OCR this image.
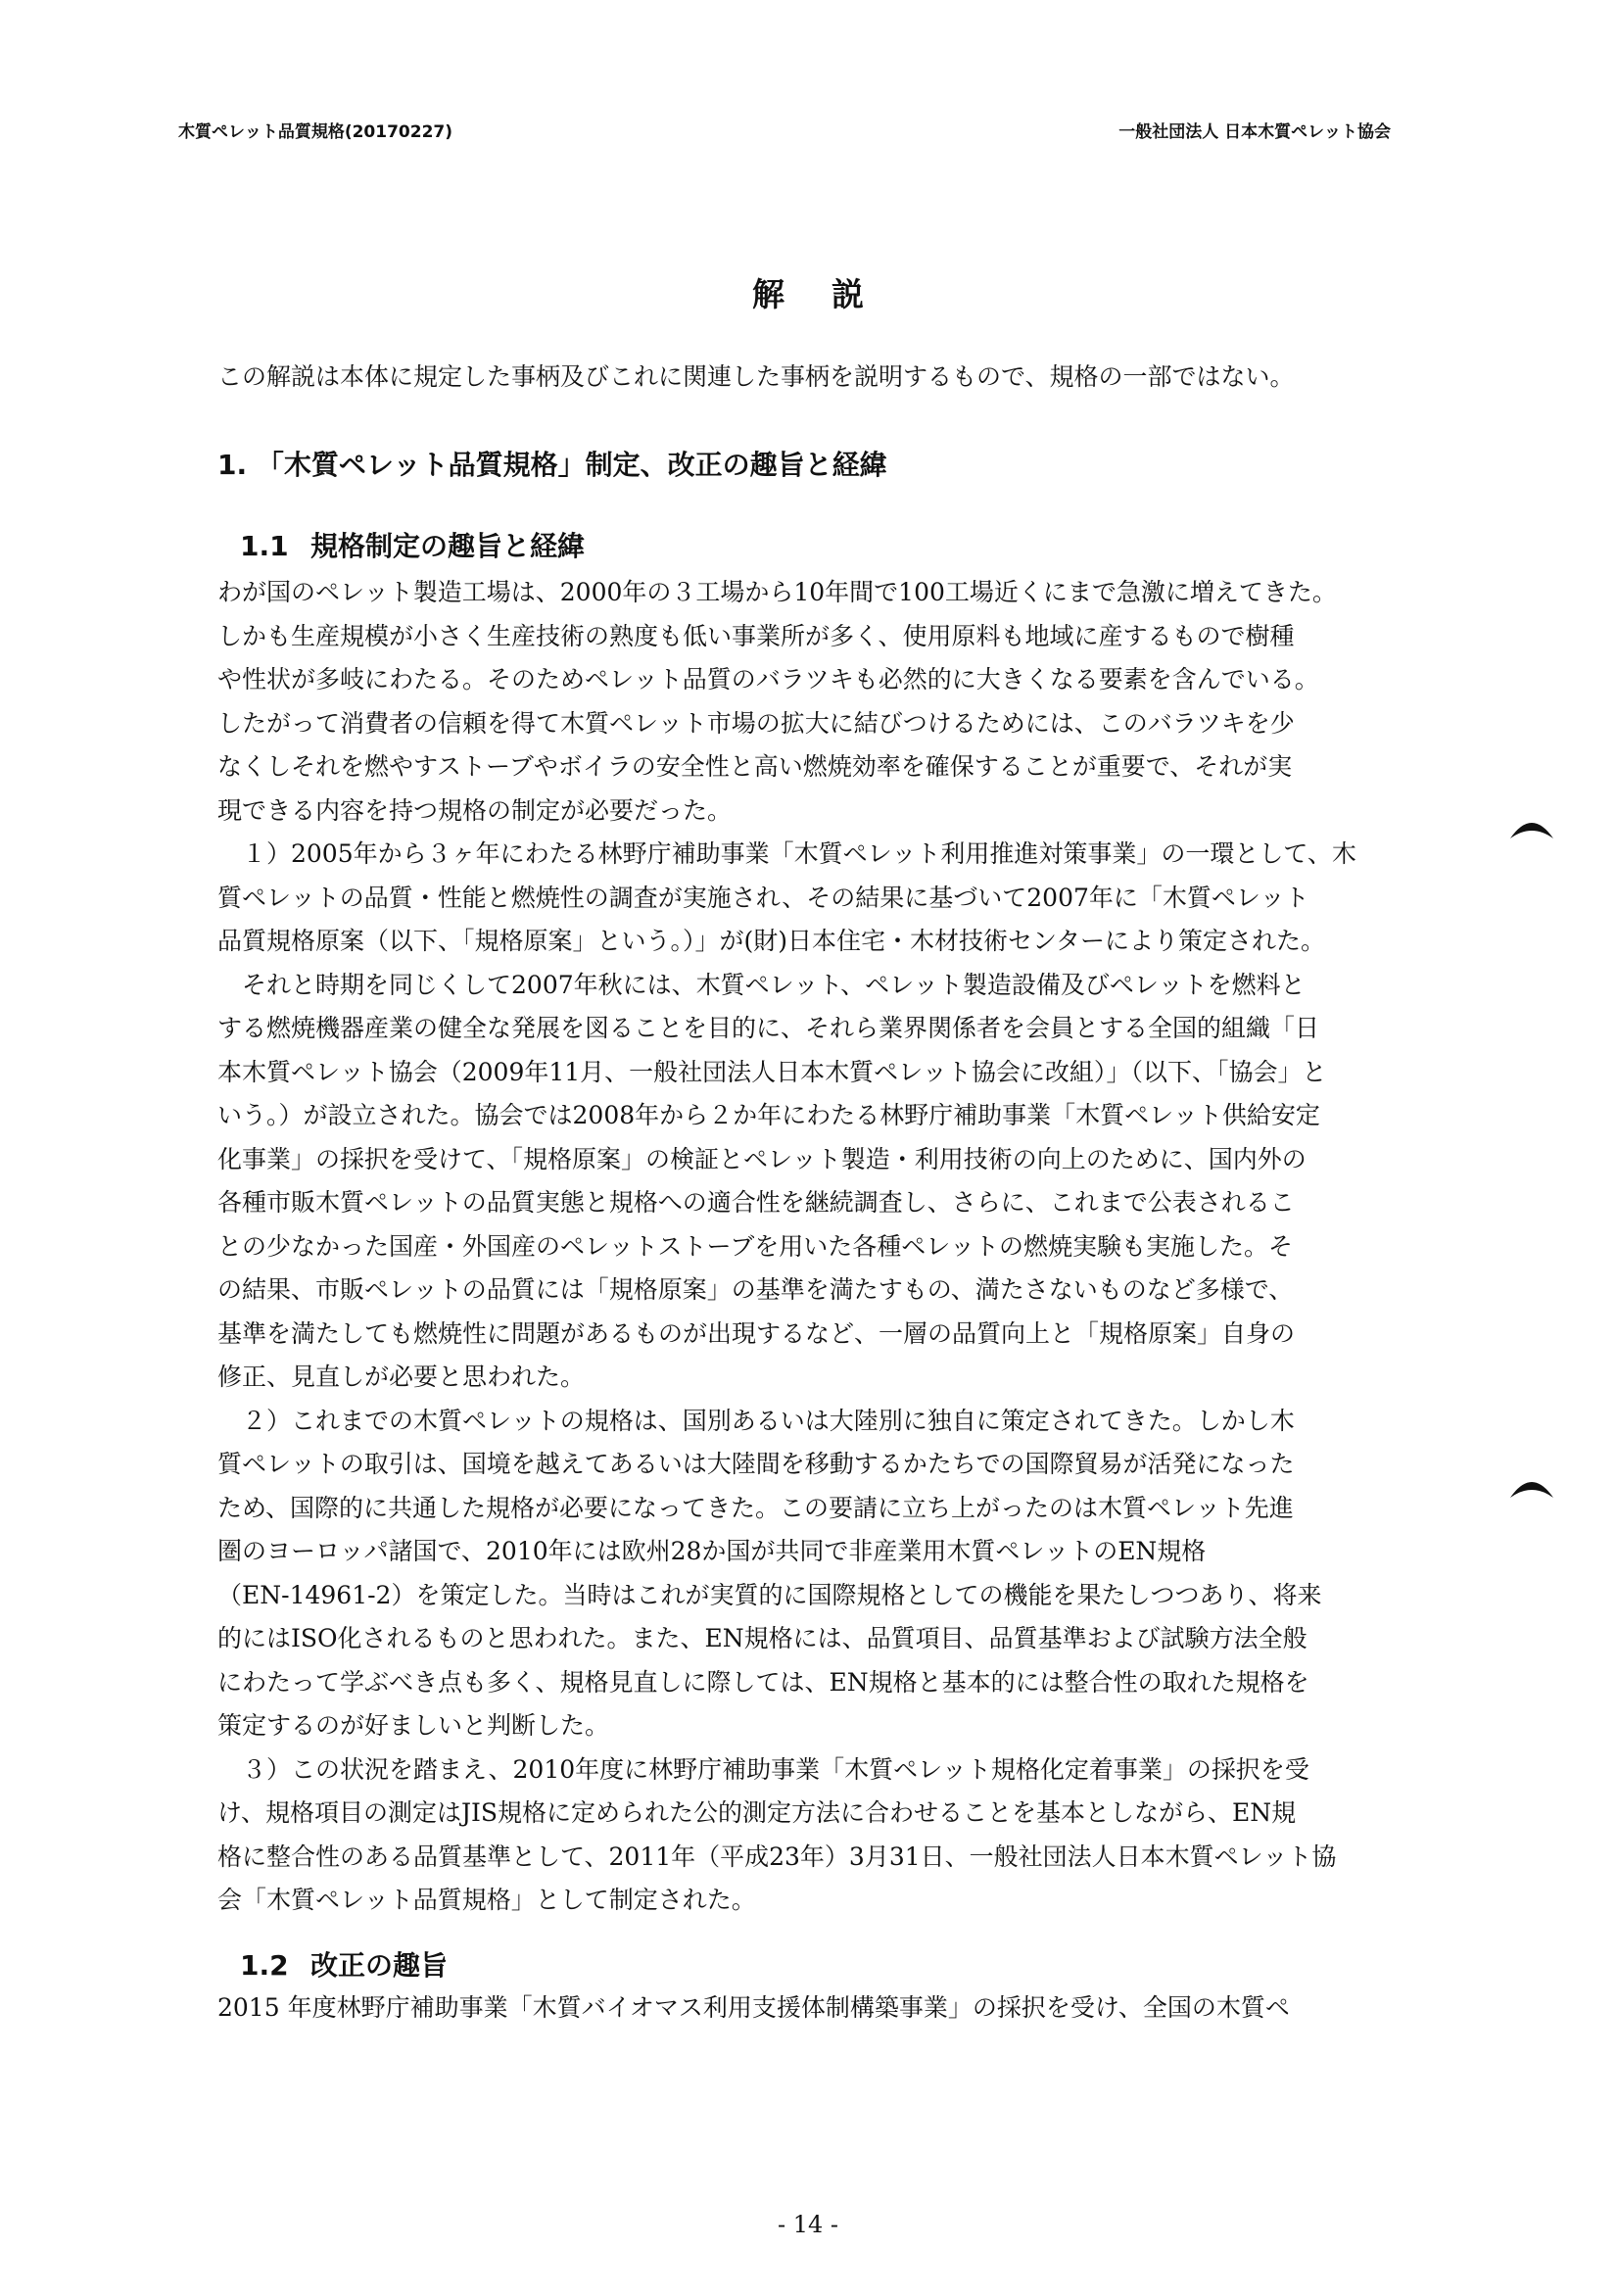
木質ペレット品質規格(20170227)	一般社団法人 日本木質ペレット協会
解説
この解説は本体に規定した事柄及びこれに関連した事柄を説明するもので、規格の一部ではない。
1. 「木質ペレット品質規格」制定、改正の趣旨と経緯
1.1 規格制定の趣旨と経緯
わが国のペレット製造工場は、2000年の３工場から10年間で100工場近くにまで急激に増えてきた。
しかも生産規模が小さく生産技術の熟度も低い事業所が多く、使用原料も地域に産するもので樹種
や性状が多岐にわたる。そのためペレット品質のバラツキも必然的に大きくなる要素を含んでいる。
したがって消費者の信頼を得て木質ペレット市場の拡大に結びつけるためには、このバラツキを少
なくしそれを燃やすストーブやボイラの安全性と高い燃焼効率を確保することが重要で、それが実
現できる内容を持つ規格の制定が必要だった。
　１）2005年から３ヶ年にわたる林野庁補助事業「木質ペレット利用推進対策事業」の一環として、木
質ペレットの品質・性能と燃焼性の調査が実施され、その結果に基づいて2007年に「木質ペレット
品質規格原案（以下、「規格原案」という。）」が(財)日本住宅・木材技術センターにより策定された。
　それと時期を同じくして2007年秋には、木質ペレット、ペレット製造設備及びペレットを燃料と
する燃焼機器産業の健全な発展を図ることを目的に、それら業界関係者を会員とする全国的組織「日
本木質ペレット協会（2009年11月、一般社団法人日本木質ペレット協会に改組）」（以下、「協会」と
いう。）が設立された。協会では2008年から２か年にわたる林野庁補助事業「木質ペレット供給安定
化事業」の採択を受けて、「規格原案」の検証とペレット製造・利用技術の向上のために、国内外の
各種市販木質ペレットの品質実態と規格への適合性を継続調査し、さらに、これまで公表されるこ
との少なかった国産・外国産のペレットストーブを用いた各種ペレットの燃焼実験も実施した。そ
の結果、市販ペレットの品質には「規格原案」の基準を満たすもの、満たさないものなど多様で、
基準を満たしても燃焼性に問題があるものが出現するなど、一層の品質向上と「規格原案」自身の
修正、見直しが必要と思われた。
　２）これまでの木質ペレットの規格は、国別あるいは大陸別に独自に策定されてきた。しかし木
質ペレットの取引は、国境を越えてあるいは大陸間を移動するかたちでの国際貿易が活発になった
ため、国際的に共通した規格が必要になってきた。この要請に立ち上がったのは木質ペレット先進
圏のヨーロッパ諸国で、2010年には欧州28か国が共同で非産業用木質ペレットのEN規格
（EN-14961-2）を策定した。当時はこれが実質的に国際規格としての機能を果たしつつあり、将来
的にはISO化されるものと思われた。また、EN規格には、品質項目、品質基準および試験方法全般
にわたって学ぶべき点も多く、規格見直しに際しては、EN規格と基本的には整合性の取れた規格を
策定するのが好ましいと判断した。
　３）この状況を踏まえ、2010年度に林野庁補助事業「木質ペレット規格化定着事業」の採択を受
け、規格項目の測定はJIS規格に定められた公的測定方法に合わせることを基本としながら、EN規
格に整合性のある品質基準として、2011年（平成23年）3月31日、一般社団法人日本木質ペレット協
会「木質ペレット品質規格」として制定された。
1.2 改正の趣旨
2015 年度林野庁補助事業「木質バイオマス利用支援体制構築事業」の採択を受け、全国の木質ペ
- 14 -
